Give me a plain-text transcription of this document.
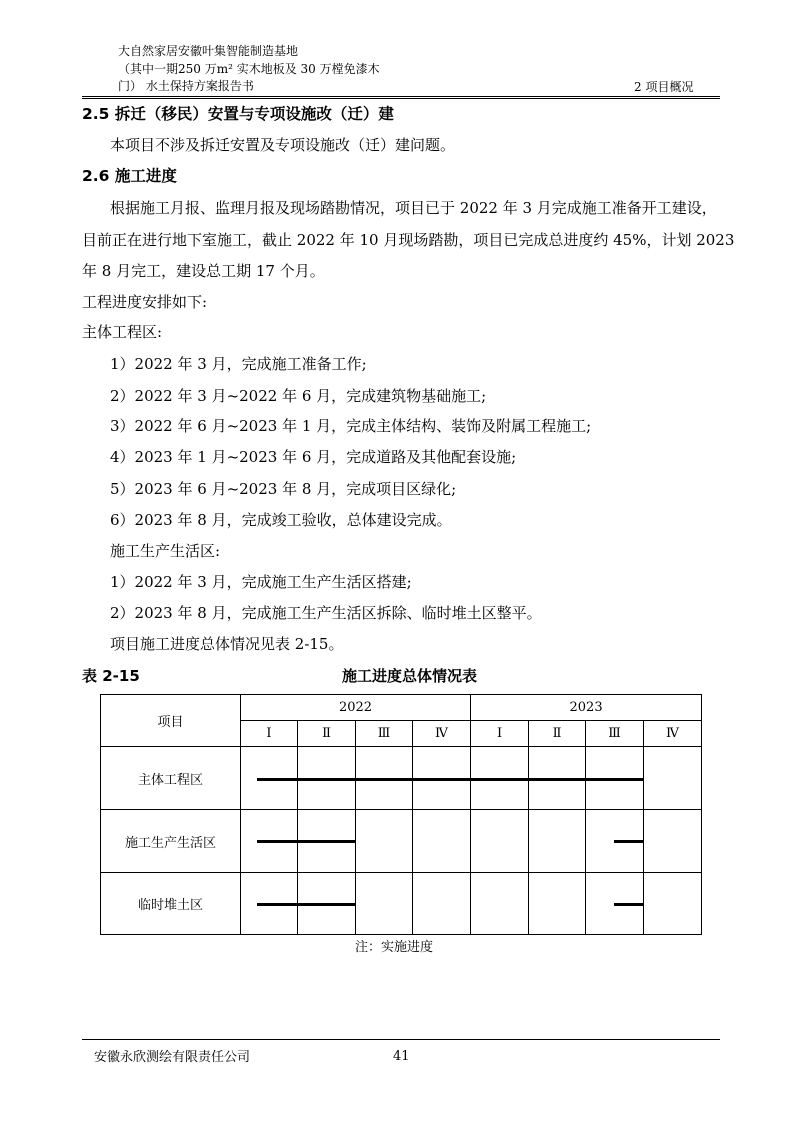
大自然家居安徽叶集智能制造基地
（其中一期250 万m² 实木地板及 30 万樘免漆木
门） 水土保持方案报告书	2 项目概况
2.5 拆迁（移民）安置与专项设施改（迁）建
本项目不涉及拆迁安置及专项设施改（迁）建问题。
2.6 施工进度
根据施工月报、监理月报及现场踏勘情况，项目已于 2022 年 3 月完成施工准备开工建设，
目前正在进行地下室施工，截止 2022 年 10 月现场踏勘，项目已完成总进度约 45%，计划 2023
年 8 月完工，建设总工期 17 个月。
工程进度安排如下:
主体工程区:
1）2022 年 3 月，完成施工准备工作;
2）2022 年 3 月~2022 年 6 月，完成建筑物基础施工;
3）2022 年 6 月~2023 年 1 月，完成主体结构、装饰及附属工程施工;
4）2023 年 1 月~2023 年 6 月，完成道路及其他配套设施;
5）2023 年 6 月~2023 年 8 月，完成项目区绿化;
6）2023 年 8 月，完成竣工验收，总体建设完成。
施工生产生活区:
1）2022 年 3 月，完成施工生产生活区搭建;
2）2023 年 8 月，完成施工生产生活区拆除、临时堆土区整平。
项目施工进度总体情况见表 2-15。
表 2-15	施工进度总体情况表
项目	2022				2023			
	Ⅰ	Ⅱ	Ⅲ	Ⅳ	Ⅰ	Ⅱ	Ⅲ	Ⅳ
主体工程区								
施工生产生活区								
临时堆土区								
注：实施进度
安徽永欣测绘有限责任公司	41
